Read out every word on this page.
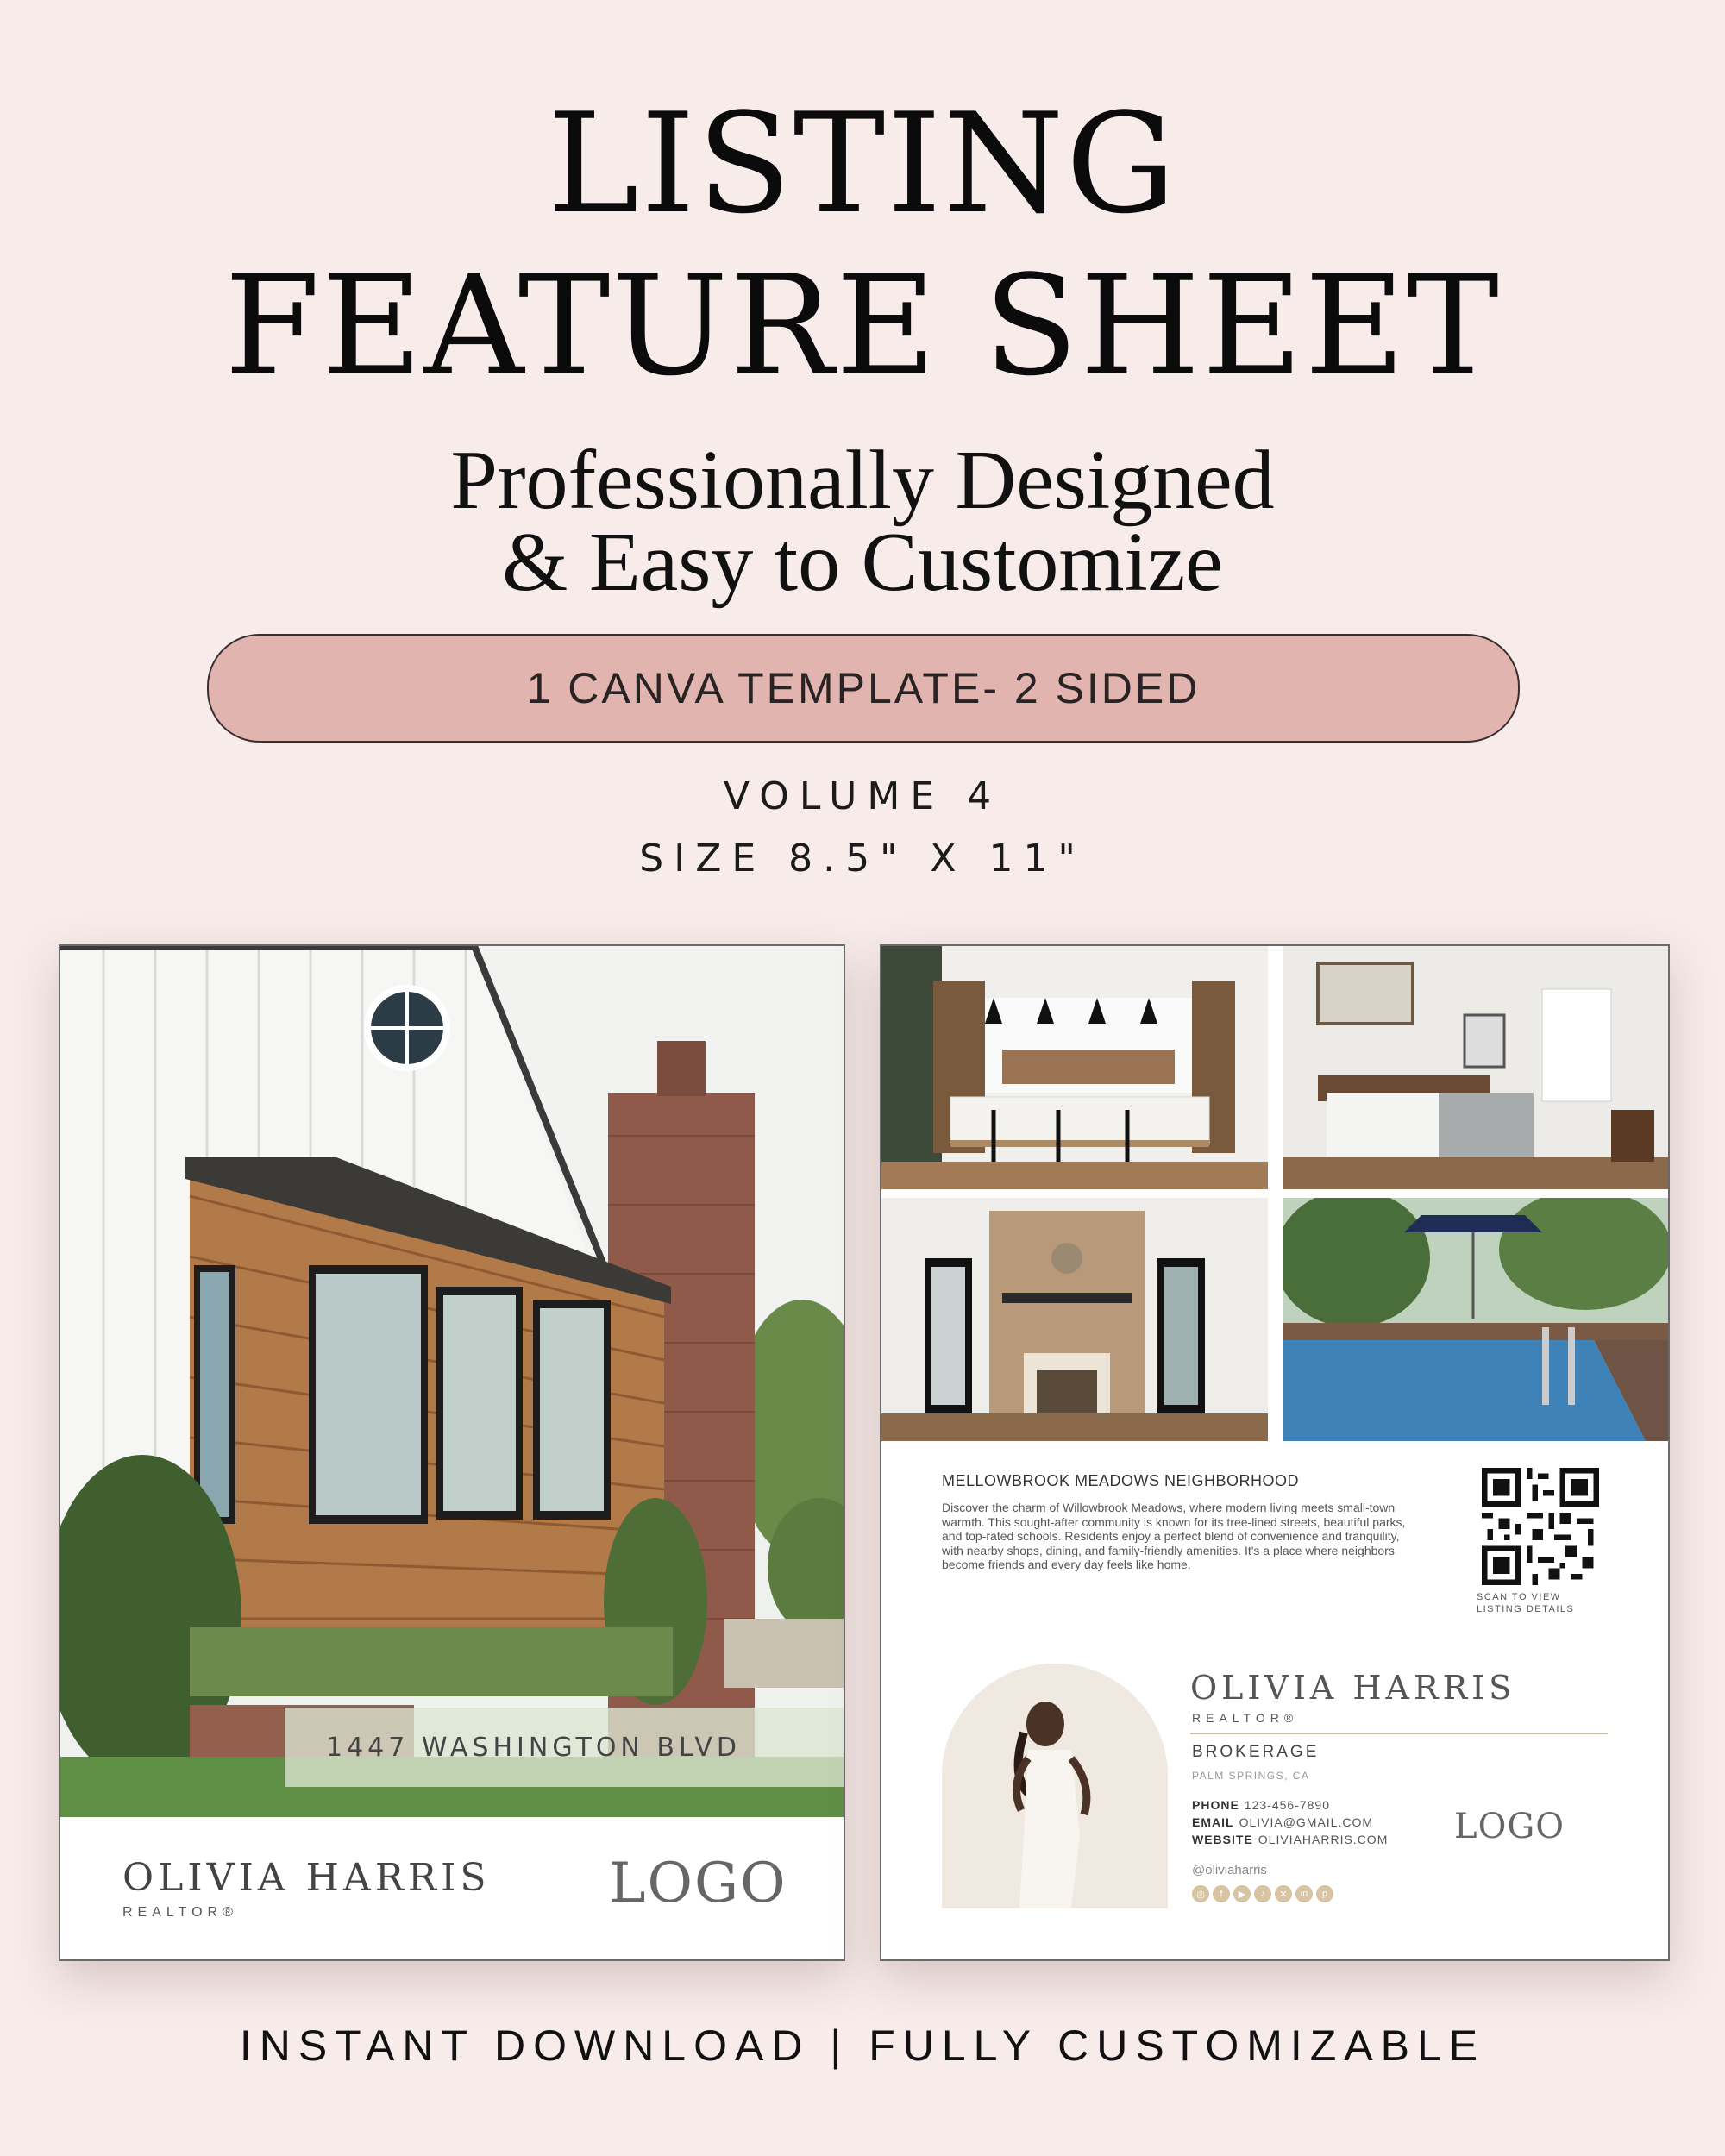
LISTING
FEATURE SHEET
Professionally Designed
& Easy to Customize
1 CANVA TEMPLATE- 2 SIDED
VOLUME 4
SIZE 8.5" X 11"
1447 WASHINGTON BLVD
OLIVIA HARRIS
REALTOR®	LOGO
MELLOWBROOK MEADOWS NEIGHBORHOOD
Discover the charm of Willowbrook Meadows, where modern living meets small-town warmth. This sought-after community is known for its tree-lined streets, beautiful parks, and top-rated schools. Residents enjoy a perfect blend of convenience and tranquility, with nearby shops, dining, and family-friendly amenities. It's a place where neighbors become friends and every day feels like home.
SCAN TO VIEW
LISTING DETAILS
OLIVIA HARRIS
REALTOR®
BROKERAGE
PALM SPRINGS, CA
PHONE 123-456-7890
EMAIL OLIVIA@GMAIL.COM
WEBSITE OLIVIAHARRIS.COM LOGO
@oliviaharris
◎	f	▶	♪	✕	in	p
INSTANT DOWNLOAD | FULLY CUSTOMIZABLE
